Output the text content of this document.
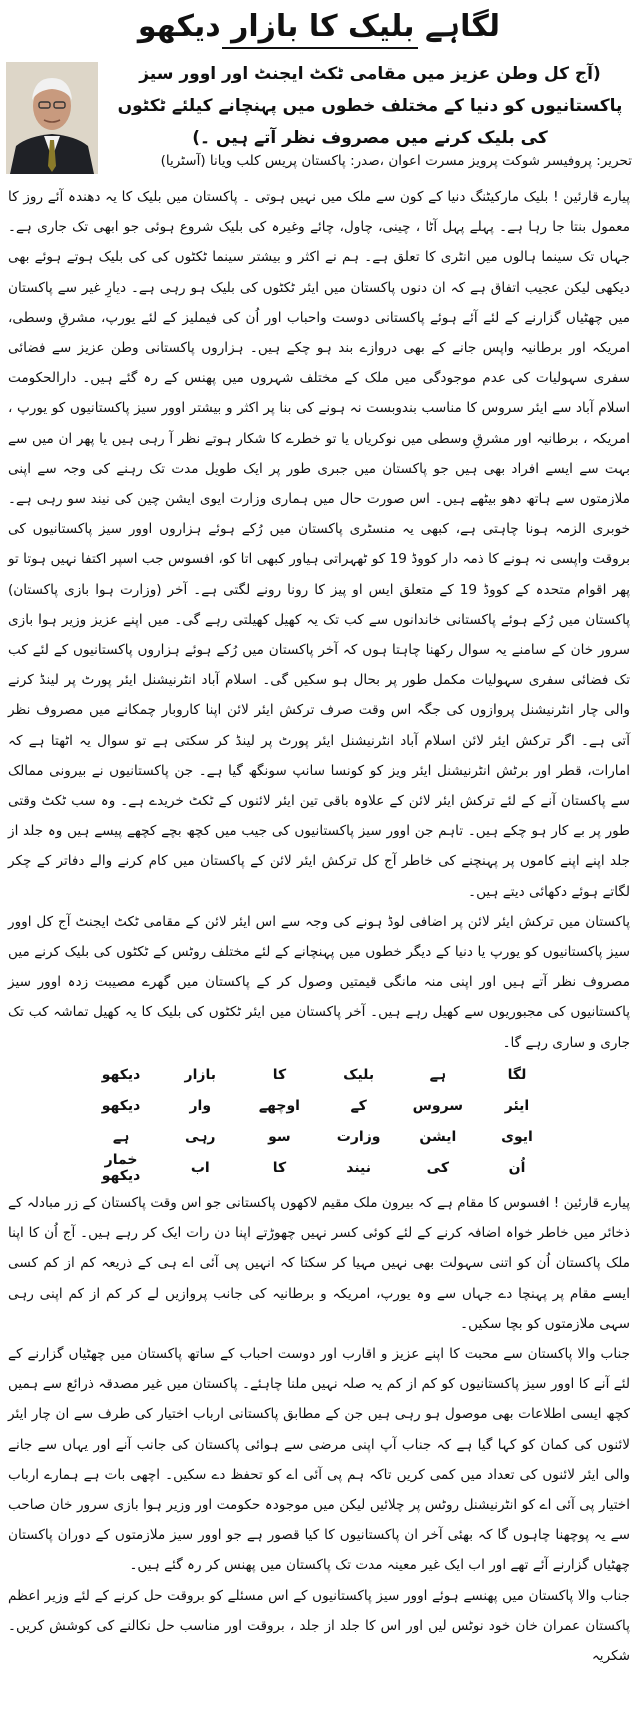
لگاہے بلیک کا بازار دیکھو

(آج کل وطن عزیز میں مقامی ٹکٹ ایجنٹ اور اوور سیز پاکستانیوں کو دنیا کے مختلف خطوں میں پہنچانے کیلئے ٹکٹوں کی بلیک کرنے میں مصروف نظر آتے ہیں ۔)

تحریر: پروفیسر شوکت پرویز مسرت اعوان ،صدر: پاکستان پریس کلب ویانا (آسٹریا)

پیارے قارئین ! بلیک مارکیٹنگ دنیا کے کون سے ملک میں نہیں ہوتی ۔ پاکستان میں بلیک کا یہ دھندہ آئے روز کا معمول بنتا جا رہا ہے۔ پہلے پہل آٹا ، چینی، چاول، چائے وغیرہ کی بلیک شروع ہوئی جو ابھی تک جاری ہے۔ جہاں تک سینما ہالوں میں انٹری کا تعلق ہے۔ ہم نے اکثر و بیشتر سینما ٹکٹوں کی کی بلیک ہوتے ہوئے بھی دیکھی لیکن عجیب اتفاق ہے کہ ان دنوں پاکستان میں ایئر ٹکٹوں کی بلیک ہو رہی ہے۔ دیارِ غیر سے پاکستان میں چھٹیاں گزارنے کے لئے آئے ہوئے پاکستانی دوست واحباب اور اُن کی فیملیز کے لئے یورپ، مشرقِ وسطی، امریکہ اور برطانیہ واپس جانے کے بھی دروازے بند ہو چکے ہیں۔ ہزاروں پاکستانی وطن عزیز سے فضائی سفری سہولیات کی عدم موجودگی میں ملک کے مختلف شہروں میں پھنس کے رہ گئے ہیں۔ دارالحکومت اسلام آباد سے ایئر سروس کا مناسب بندوبست نہ ہونے کی بنا پر اکثر و بیشتر اوور سیز پاکستانیوں کو یورپ ، امریکہ ، برطانیہ اور مشرقِ وسطی میں نوکریاں یا تو خطرے کا شکار ہوتے نظر آ رہی ہیں یا پھر ان میں سے بہت سے ایسے افراد بھی ہیں جو پاکستان میں جبری طور پر ایک طویل مدت تک رہنے کی وجہ سے اپنی ملازمتوں سے ہاتھ دھو بیٹھے ہیں۔ اس صورت حال میں ہماری وزارت ایوی ایشن چین کی نیند سو رہی ہے۔ خوبری الزمہ ہونا چاہتی ہے، کبھی یہ منسٹری پاکستان میں رُکے ہوئے ہزاروں اوور سیز پاکستانیوں کی بروقت واپسی نہ ہونے کا ذمہ دار کووڈ 19 کو ٹھہراتی ہیاور کبھی اتا کو، افسوس جب اسپر اکتفا نہیں ہوتا تو پھر اقوام متحدہ کے کووڈ 19 کے متعلق ایس او پیز کا رونا رونے لگتی ہے۔ آخر (وزارت ہوا بازی پاکستان) پاکستان میں رُکے ہوئے پاکستانی خاندانوں سے کب تک یہ کھیل کھیلتی رہے گی۔ میں اپنے عزیز وزیر ہوا بازی سرور خان کے سامنے یہ سوال رکھنا چاہتا ہوں کہ آخر پاکستان میں رُکے ہوئے ہزاروں پاکستانیوں کے لئے کب تک فضائی سفری سہولیات مکمل طور پر بحال ہو سکیں گی۔ اسلام آباد انٹرنیشنل ایئر پورٹ پر لینڈ کرنے والی چار انٹرنیشنل پروازوں کی جگہ اس وقت صرف ترکش ایئر لائن اپنا کاروبار چمکانے میں مصروف نظر آتی ہے۔ اگر ترکش ایئر لائن اسلام آباد انٹرنیشنل ایئر پورٹ پر لینڈ کر سکتی ہے تو سوال یہ اٹھتا ہے کہ امارات، قطر اور برٹش انٹرنیشنل ایئر ویز کو کونسا سانپ سونگھ گیا ہے۔ جن پاکستانیوں نے بیرونی ممالک سے پاکستان آنے کے لئے ترکش ایئر لائن کے علاوہ باقی تین ایئر لائنوں کے ٹکٹ خریدے ہے۔ وہ سب ٹکٹ وقتی طور پر بے کار ہو چکے ہیں۔ تاہم جن اوور سیز پاکستانیوں کی جیب میں کچھ بچے کچھے پیسے ہیں وہ جلد از جلد اپنے اپنے کاموں پر پہنچنے کی خاطر آج کل ترکش ایئر لائن کے پاکستان میں کام کرنے والے دفاتر کے چکر لگاتے ہوئے دکھائی دیتے ہیں۔

پاکستان میں ترکش ایئر لائن پر اضافی لوڈ ہونے کی وجہ سے اس ایئر لائن کے مقامی ٹکٹ ایجنٹ آج کل اوور سیز پاکستانیوں کو یورپ یا دنیا کے دیگر خطوں میں پہنچانے کے لئے مختلف روٹس کے ٹکٹوں کی بلیک کرنے میں مصروف نظر آتے ہیں اور اپنی منہ مانگی قیمتیں وصول کر کے پاکستان میں گھرے مصیبت زدہ اوور سیز پاکستانیوں کی مجبوریوں سے کھیل رہے ہیں۔ آخر پاکستان میں ایئر ٹکٹوں کی بلیک کا یہ کھیل تماشہ کب تک جاری و ساری رہے گا۔

لگا
ہے
بلیک
کا
بازار
دیکھو
ایئر
سروس
کے
اوچھے
وار
دیکھو
ایوی
ایشن
وزارت
سو
رہی
ہے
اُن
کی
نیند
کا
اب
خمار دیکھو

پیارے قارئین ! افسوس کا مقام ہے کہ بیرون ملک مقیم لاکھوں پاکستانی جو اس وقت پاکستان کے زر مبادلہ کے ذخائر میں خاطر خواہ اضافہ کرنے کے لئے کوئی کسر نہیں چھوڑتے اپنا دن رات ایک کر رہے ہیں۔ آج اُن کا اپنا ملک پاکستان اُن کو اتنی سہولت بھی نہیں مہیا کر سکتا کہ انہیں پی آئی اے ہی کے ذریعہ کم از کم کسی ایسے مقام پر پہنچا دے جہاں سے وہ یورپ، امریکہ و برطانیہ کی جانب پروازیں لے کر کم از کم اپنی رہی سہی ملازمتوں کو بچا سکیں۔

جناب والا پاکستان سے محبت کا اپنے عزیز و اقارب اور دوست احباب کے ساتھ پاکستان میں چھٹیاں گزارنے کے لئے آنے کا اوور سیز پاکستانیوں کو کم از کم یہ صلہ نہیں ملنا چاہئے۔ پاکستان میں غیر مصدقہ ذرائع سے ہمیں کچھ ایسی اطلاعات بھی موصول ہو رہی ہیں جن کے مطابق پاکستانی ارباب اختیار کی طرف سے ان چار ایئر لائنوں کی کمان کو کہا گیا ہے کہ جناب آپ اپنی مرضی سے ہوائی پاکستان کی جانب آنے اور یہاں سے جانے والی ایئر لائنوں کی تعداد میں کمی کریں تاکہ ہم پی آئی اے کو تحفظ دے سکیں۔ اچھی بات ہے ہمارے ارباب اختیار پی آئی اے کو انٹرنیشنل روٹس پر چلائیں لیکن میں موجودہ حکومت اور وزیر ہوا بازی سرور خان صاحب سے یہ پوچھنا چاہوں گا کہ بھئی آخر ان پاکستانیوں کا کیا قصور ہے جو اوور سیز ملازمتوں کے دوران پاکستان چھٹیاں گزارنے آئے تھے اور اب ایک غیر معینہ مدت تک پاکستان میں پھنس کر رہ گئے ہیں۔

جناب والا پاکستان میں پھنسے ہوئے اوور سیز پاکستانیوں کے اس مسئلے کو بروقت حل کرنے کے لئے وزیر اعظم پاکستان عمران خان خود نوٹس لیں اور اس کا جلد از جلد ، بروقت اور مناسب حل نکالنے کی کوشش کریں۔ شکریہ
